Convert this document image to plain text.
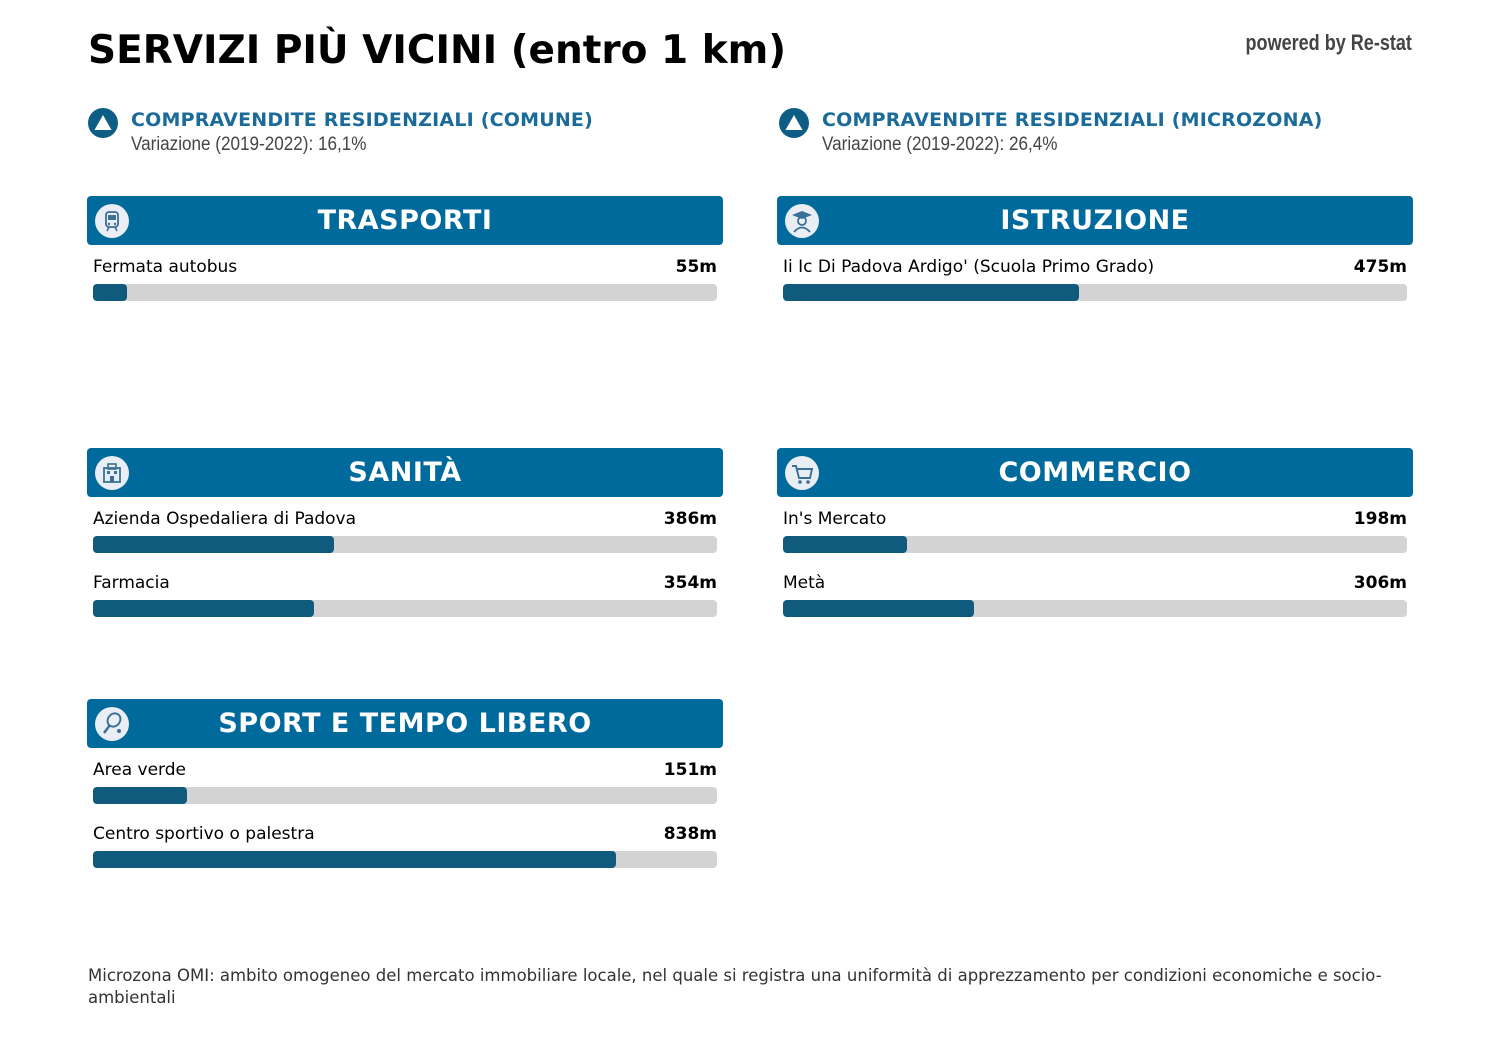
SERVIZI PIÙ VICINI (entro 1 km)	powered by Re-stat
COMPRAVENDITE RESIDENZIALI (COMUNE)
Variazione (2019-2022): 16,1%
COMPRAVENDITE RESIDENZIALI (MICROZONA)
Variazione (2019-2022): 26,4%
TRASPORTI
Fermata autobus	55m
ISTRUZIONE
Ii Ic Di Padova Ardigo' (Scuola Primo Grado)	475m
SANITÀ
Azienda Ospedaliera di Padova	386m
Farmacia	354m
COMMERCIO
In's Mercato	198m
Metà	306m
SPORT E TEMPO LIBERO
Area verde	151m
Centro sportivo o palestra	838m

Microzona OMI: ambito omogeneo del mercato immobiliare locale, nel quale si registra una uniformità di apprezzamento per condizioni economiche e socio-ambientali
